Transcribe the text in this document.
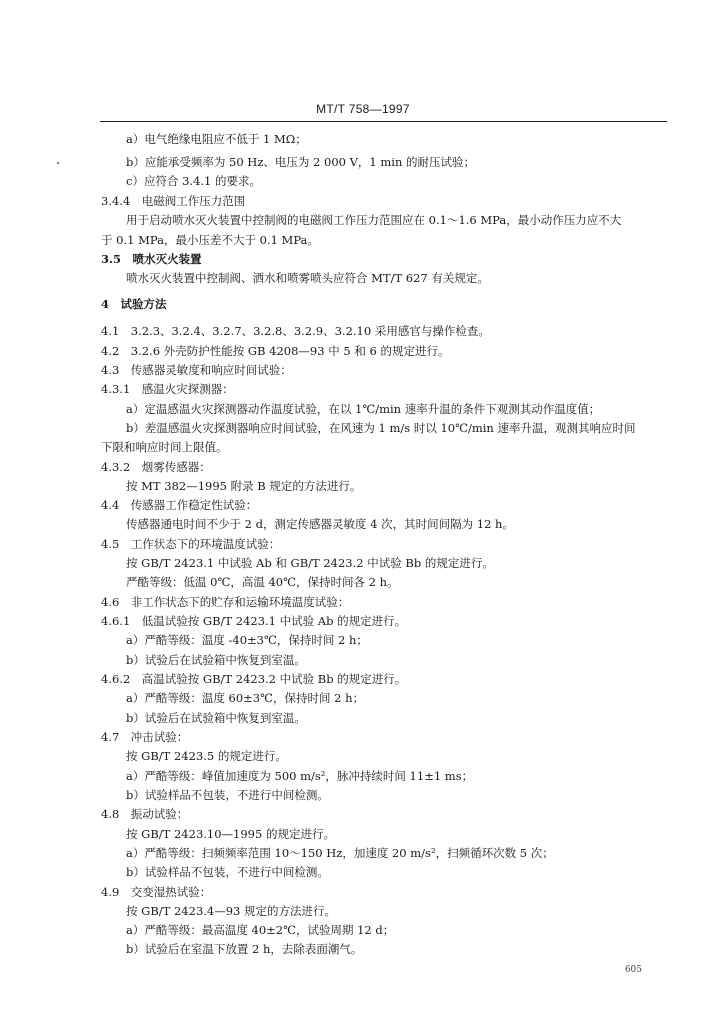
MT/T 758—1997
a）电气绝缘电阻应不低于 1 MΩ；
b）应能承受频率为 50 Hz、电压为 2 000 V，1 min 的耐压试验；
c）应符合 3.4.1 的要求。
3.4.4　电磁阀工作压力范围
用于启动喷水灭火装置中控制阀的电磁阀工作压力范围应在 0.1～1.6 MPa，最小动作压力应不大
于 0.1 MPa，最小压差不大于 0.1 MPa。
3.5　喷水灭火装置
喷水灭火装置中控制阀、洒水和喷雾喷头应符合 MT/T 627 有关规定。
4　试验方法
4.1　3.2.3、3.2.4、3.2.7、3.2.8、3.2.9、3.2.10 采用感官与操作检查。
4.2　3.2.6 外壳防护性能按 GB 4208—93 中 5 和 6 的规定进行。
4.3　传感器灵敏度和响应时间试验：
4.3.1　感温火灾探测器：
a）定温感温火灾探测器动作温度试验，在以 1℃/min 速率升温的条件下观测其动作温度值；
b）差温感温火灾探测器响应时间试验，在风速为 1 m/s 时以 10℃/min 速率升温，观测其响应时间
下限和响应时间上限值。
4.3.2　烟雾传感器：
按 MT 382—1995 附录 B 规定的方法进行。
4.4　传感器工作稳定性试验：
传感器通电时间不少于 2 d，测定传感器灵敏度 4 次，其时间间隔为 12 h。
4.5　工作状态下的环境温度试验：
按 GB/T 2423.1 中试验 Ab 和 GB/T 2423.2 中试验 Bb 的规定进行。
严酷等级：低温 0℃，高温 40℃，保持时间各 2 h。
4.6　非工作状态下的贮存和运输环境温度试验：
4.6.1　低温试验按 GB/T 2423.1 中试验 Ab 的规定进行。
a）严酷等级：温度 -40±3℃，保持时间 2 h；
b）试验后在试验箱中恢复到室温。
4.6.2　高温试验按 GB/T 2423.2 中试验 Bb 的规定进行。
a）严酷等级：温度 60±3℃，保持时间 2 h；
b）试验后在试验箱中恢复到室温。
4.7　冲击试验：
按 GB/T 2423.5 的规定进行。
a）严酷等级：峰值加速度为 500 m/s²，脉冲持续时间 11±1 ms；
b）试验样品不包装，不进行中间检测。
4.8　振动试验：
按 GB/T 2423.10—1995 的规定进行。
a）严酷等级：扫频频率范围 10～150 Hz，加速度 20 m/s²，扫频循环次数 5 次；
b）试验样品不包装，不进行中间检测。
4.9　交变湿热试验：
按 GB/T 2423.4—93 规定的方法进行。
a）严酷等级：最高温度 40±2℃，试验周期 12 d；
b）试验后在室温下放置 2 h，去除表面潮气。
605
